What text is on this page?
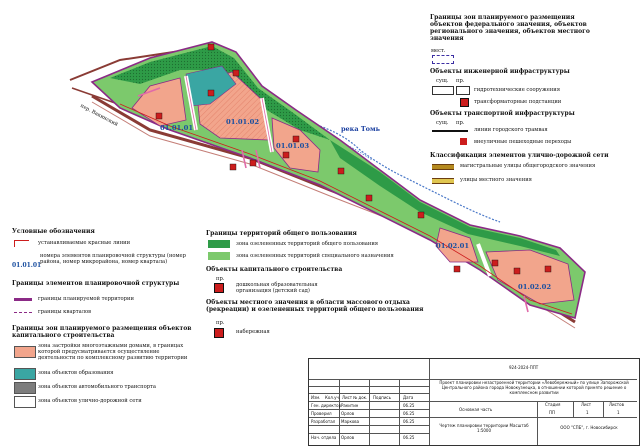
01.01.01
01.01.02
01.01.03
01.02.01
01.02.02
река Томь
пер. Вакинский
Границы зон планируемого размещения объектов федерального значения, объектов регионального значения, объектов местного значения
мест.
Объекты инженерной инфраструктуры
сущ. пр.
гидротехнические сооружения
трансформаторные подстанции
Объекты транспортной инфраструктуры
сущ. пр.
линии городского трамвая
внеуличные пешеходные переходы
Классификация элементов улично-дорожной сети
магистральные улицы общегородского значения
улицы местного значения
Условные обозначения
устанавливаемые красные линии
01.01.01
номера элементов планировочной структуры (номер района, номер микрорайона, номер квартала)
Границы элементов планировочной структуры
границы планируемой территории
границы кварталов
Границы зон планируемого размещения объектов капитального строительства
зона застройки многоэтажными домами, в границах которой предусматривается осуществление деятельности по комплексному развитию территории
зона объектов образования
зона объектов автомобильного транспорта
зона объектов улично-дорожной сети
Границы территорий общего пользования
зона озелененных территорий общего пользования
зона озелененных территорий специального назначения
Объекты капитального строительства
пр.
дошкольная образовательная организация (детский сад)
Объекты местного значения в области массового отдыха (рекреации) и озелененных территорий общего пользования
пр.
набережная
924-2024-ППТ
Проект планировки незастроенной территории «Левобережный» по улице Запорожской Центрального района города Новокузнецка, в отношении которой принято решение о комплексном развитии
Изм. Кол.уч. Лист № док. Подпись	Дата
Ген. директор Ракитин	06.25
Проверил Орлов	06.25
Разработал Маркова	06.25
Нач. отдела Орлов	06.25
Основная часть
Стадия	Лист	Листов
ПП	1	1
Чертеж планировки территории Масштаб 1:5000
ООО "СПБ", г. Новосибирск
